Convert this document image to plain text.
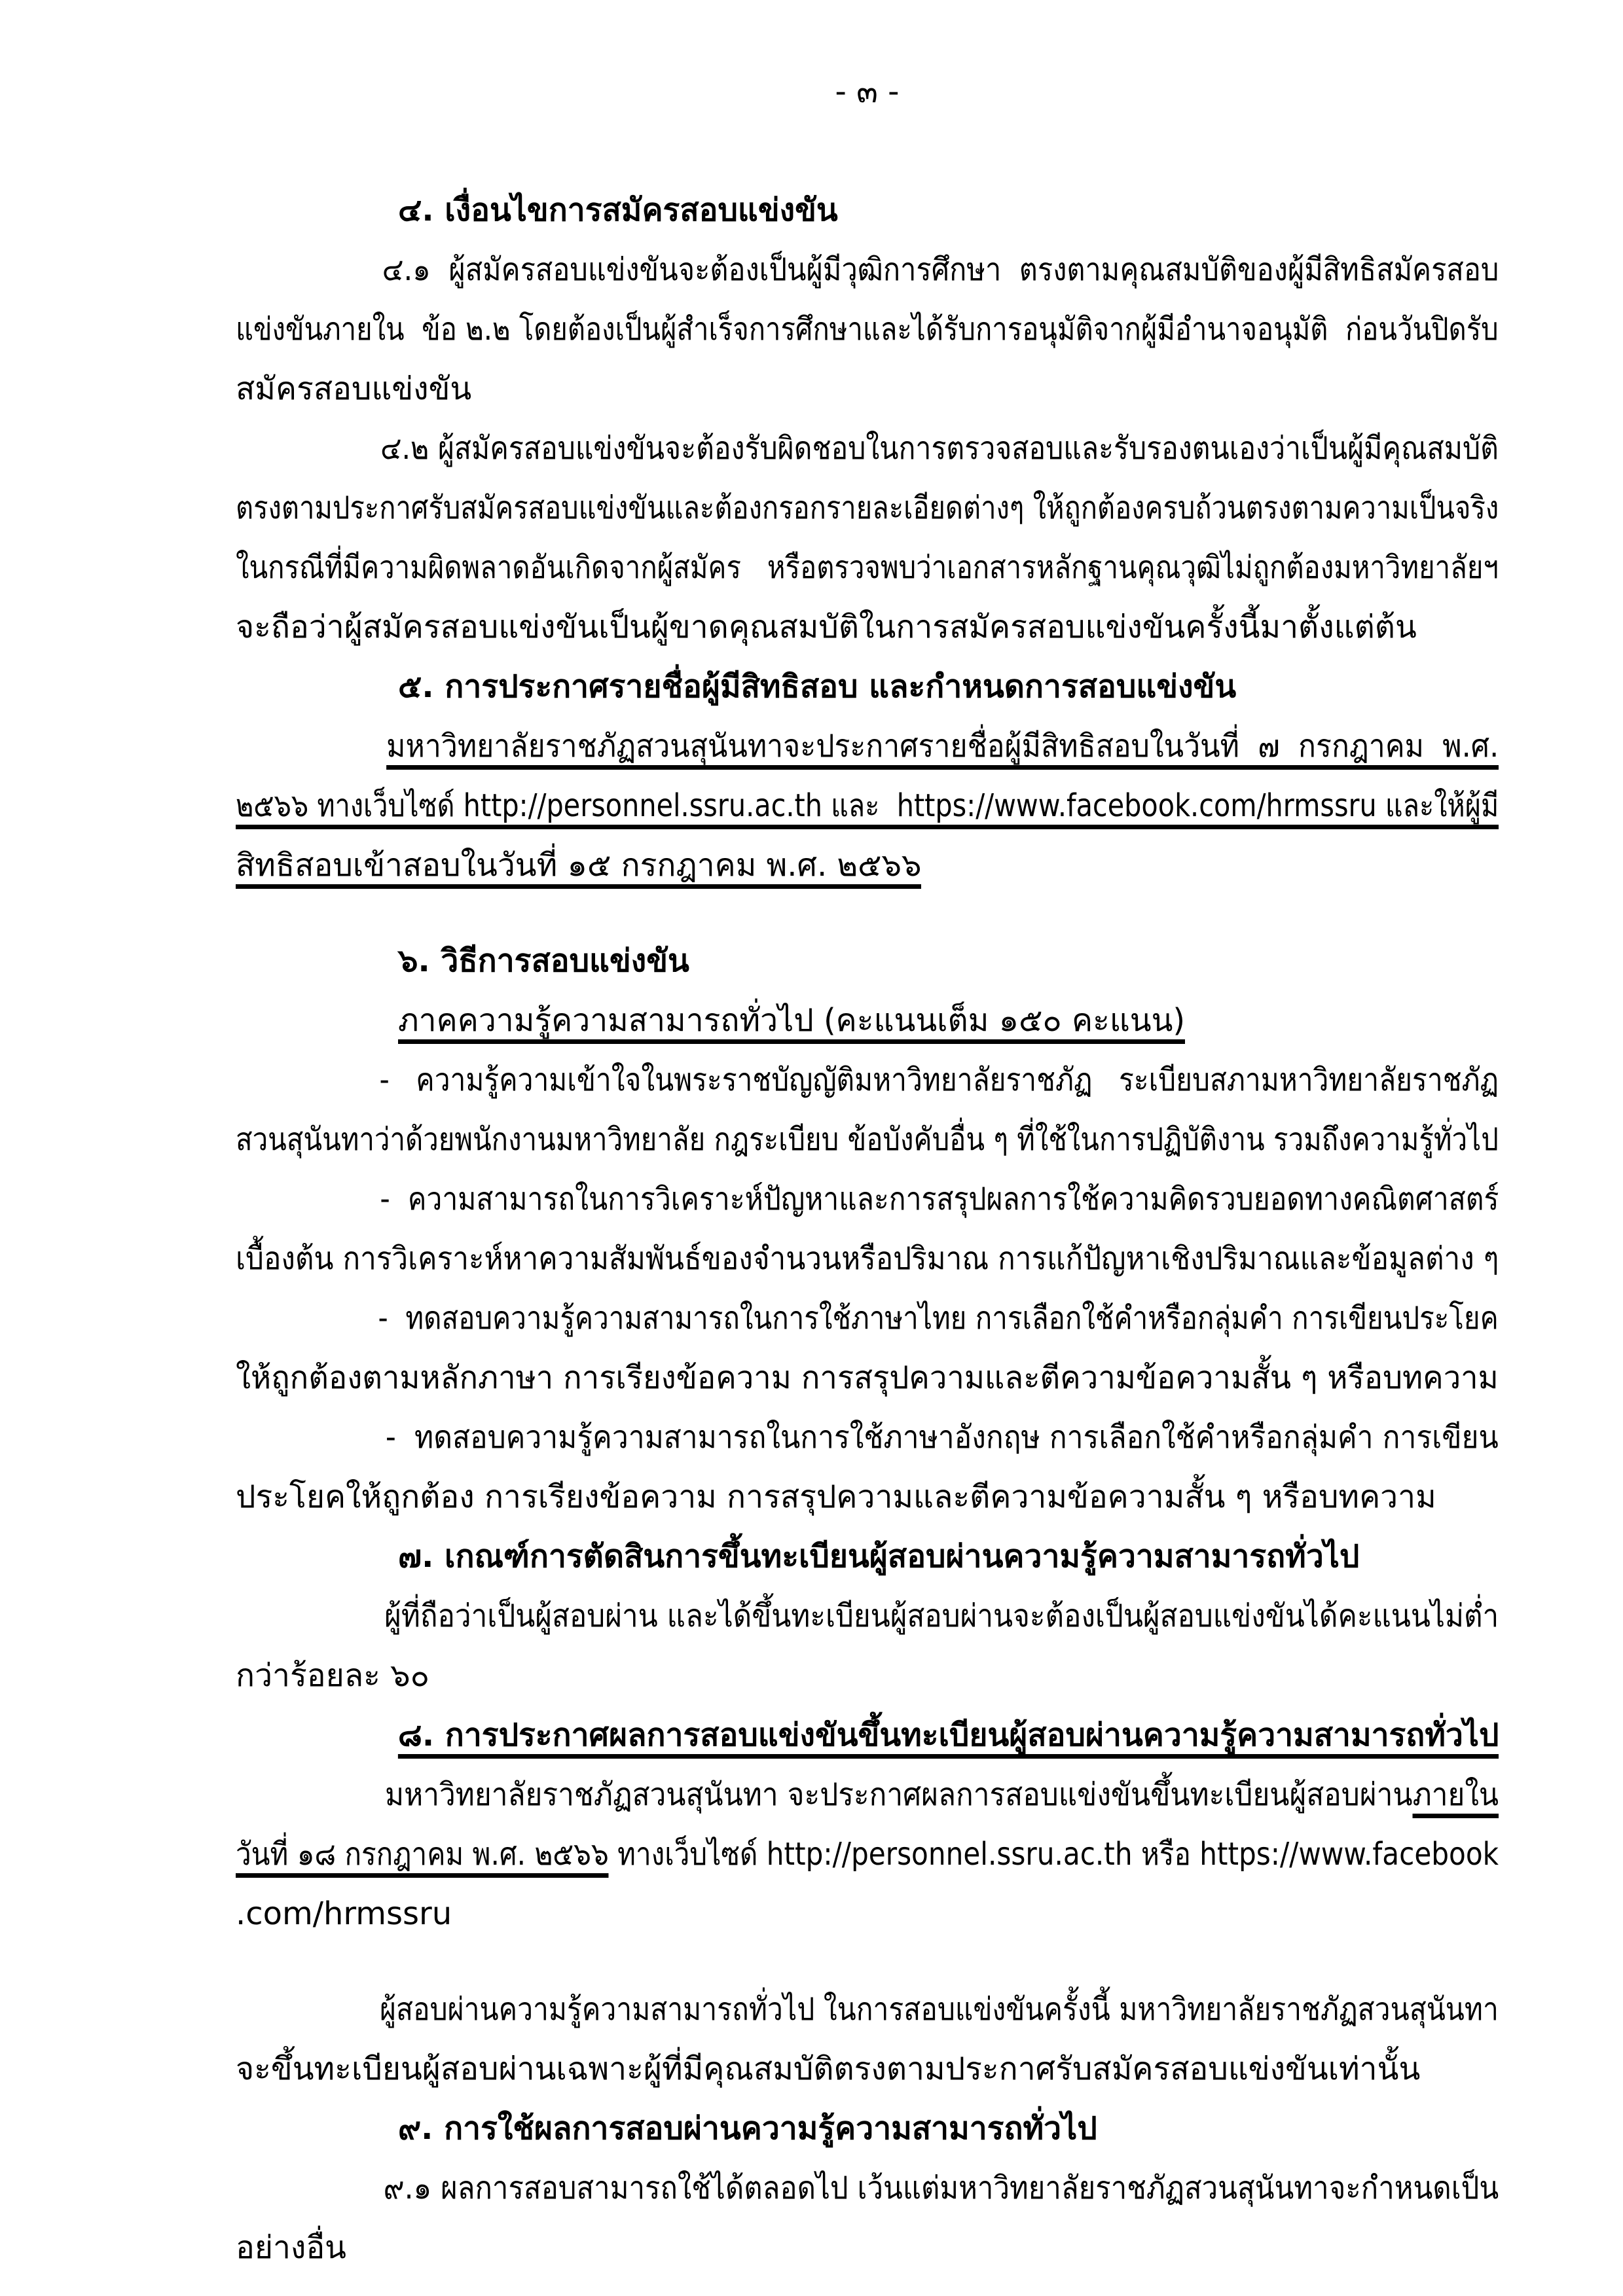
- ๓ -
๔. เงื่อนไขการสมัครสอบแข่งขัน
๔.๑  ผู้สมัครสอบแข่งขันจะต้องเป็นผู้มีวุฒิการศึกษา  ตรงตามคุณสมบัติของผู้มีสิทธิสมัครสอบ
แข่งขันภายใน  ข้อ ๒.๒ โดยต้องเป็นผู้สำเร็จการศึกษาและได้รับการอนุมัติจากผู้มีอำนาจอนุมัติ  ก่อนวันปิดรับ
สมัครสอบแข่งขัน
๔.๒ ผู้สมัครสอบแข่งขันจะต้องรับผิดชอบในการตรวจสอบและรับรองตนเองว่าเป็นผู้มีคุณสมบัติ
ตรงตามประกาศรับสมัครสอบแข่งขันและต้องกรอกรายละเอียดต่างๆ ให้ถูกต้องครบถ้วนตรงตามความเป็นจริง
ในกรณีที่มีความผิดพลาดอันเกิดจากผู้สมัคร   หรือตรวจพบว่าเอกสารหลักฐานคุณวุฒิไม่ถูกต้องมหาวิทยาลัยฯ
จะถือว่าผู้สมัครสอบแข่งขันเป็นผู้ขาดคุณสมบัติในการสมัครสอบแข่งขันครั้งนี้มาตั้งแต่ต้น
๕. การประกาศรายชื่อผู้มีสิทธิสอบ และกำหนดการสอบแข่งขัน
มหาวิทยาลัยราชภัฏสวนสุนันทาจะประกาศรายชื่อผู้มีสิทธิสอบในวันที่  ๗  กรกฎาคม  พ.ศ.
๒๕๖๖ ทางเว็บไซด์ http://personnel.ssru.ac.th และ  https://www.facebook.com/hrmssru และให้ผู้มี
สิทธิสอบเข้าสอบในวันที่ ๑๕ กรกฎาคม พ.ศ. ๒๕๖๖
๖. วิธีการสอบแข่งขัน
ภาคความรู้ความสามารถทั่วไป (คะแนนเต็ม ๑๕๐ คะแนน)
-   ความรู้ความเข้าใจในพระราชบัญญัติมหาวิทยาลัยราชภัฏ   ระเบียบสภามหาวิทยาลัยราชภัฏ
สวนสุนันทาว่าด้วยพนักงานมหาวิทยาลัย กฎระเบียบ ข้อบังคับอื่น ๆ ที่ใช้ในการปฏิบัติงาน รวมถึงความรู้ทั่วไป
-  ความสามารถในการวิเคราะห์ปัญหาและการสรุปผลการใช้ความคิดรวบยอดทางคณิตศาสตร์
เบื้องต้น การวิเคราะห์หาความสัมพันธ์ของจำนวนหรือปริมาณ การแก้ปัญหาเชิงปริมาณและข้อมูลต่าง ๆ
-  ทดสอบความรู้ความสามารถในการใช้ภาษาไทย การเลือกใช้คำหรือกลุ่มคำ การเขียนประโยค
ให้ถูกต้องตามหลักภาษา การเรียงข้อความ การสรุปความและตีความข้อความสั้น ๆ หรือบทความ
-  ทดสอบความรู้ความสามารถในการใช้ภาษาอังกฤษ การเลือกใช้คำหรือกลุ่มคำ การเขียน
ประโยคให้ถูกต้อง การเรียงข้อความ การสรุปความและตีความข้อความสั้น ๆ หรือบทความ
๗. เกณฑ์การตัดสินการขึ้นทะเบียนผู้สอบผ่านความรู้ความสามารถทั่วไป
ผู้ที่ถือว่าเป็นผู้สอบผ่าน และได้ขึ้นทะเบียนผู้สอบผ่านจะต้องเป็นผู้สอบแข่งขันได้คะแนนไม่ต่ำ
กว่าร้อยละ ๖๐
๘. การประกาศผลการสอบแข่งขันขึ้นทะเบียนผู้สอบผ่านความรู้ความสามารถทั่วไป
มหาวิทยาลัยราชภัฏสวนสุนันทา จะประกาศผลการสอบแข่งขันขึ้นทะเบียนผู้สอบผ่านภายใน
วันที่ ๑๘ กรกฎาคม พ.ศ. ๒๕๖๖ ทางเว็บไซด์ http://personnel.ssru.ac.th หรือ https://www.facebook
.com/hrmssru
ผู้สอบผ่านความรู้ความสามารถทั่วไป ในการสอบแข่งขันครั้งนี้ มหาวิทยาลัยราชภัฏสวนสุนันทา
จะขึ้นทะเบียนผู้สอบผ่านเฉพาะผู้ที่มีคุณสมบัติตรงตามประกาศรับสมัครสอบแข่งขันเท่านั้น
๙. การใช้ผลการสอบผ่านความรู้ความสามารถทั่วไป
๙.๑ ผลการสอบสามารถใช้ได้ตลอดไป เว้นแต่มหาวิทยาลัยราชภัฏสวนสุนันทาจะกำหนดเป็น
อย่างอื่น
